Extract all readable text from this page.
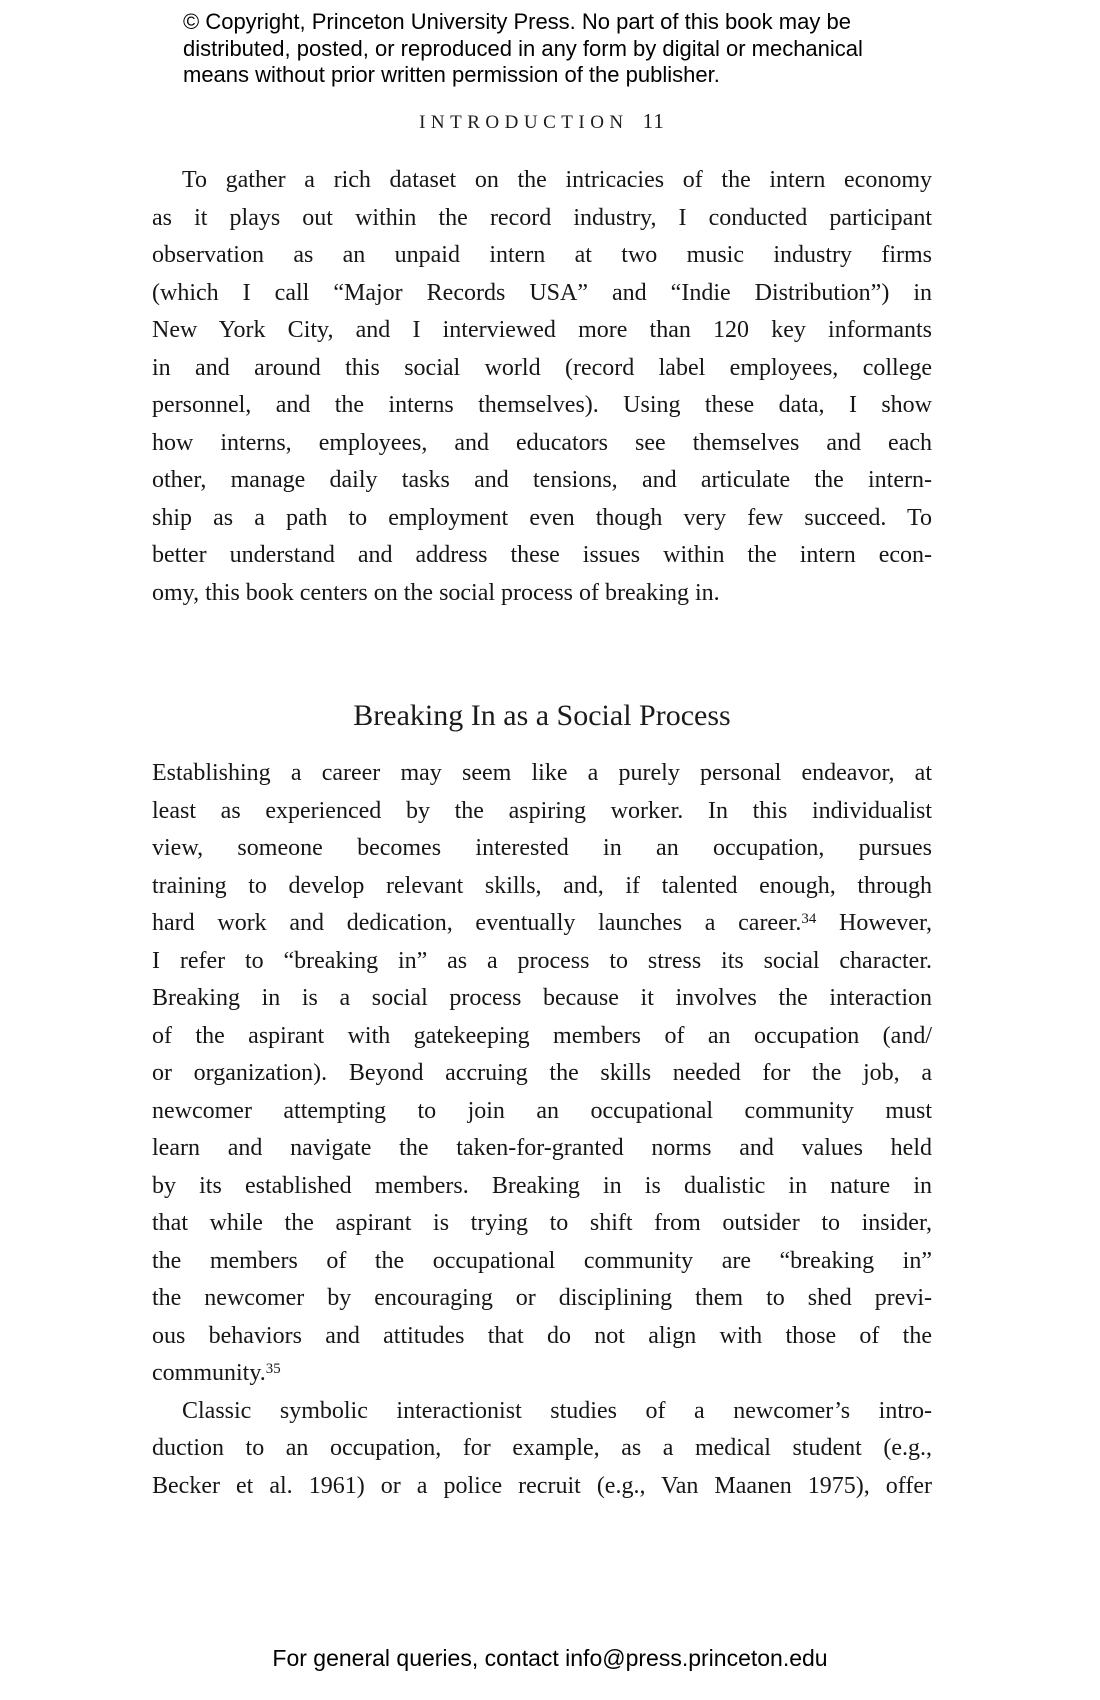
© Copyright, Princeton University Press. No part of this book may be
distributed, posted, or reproduced in any form by digital or mechanical
means without prior written permission of the publisher.
INTRODUCTION 11
To gather a rich dataset on the intricacies of the intern economy
as it plays out within the record industry, I conducted participant
observation as an unpaid intern at two music industry firms
(which I call “Major Records USA” and “Indie Distribution”) in
New York City, and I interviewed more than 120 key informants
in and around this social world (record label employees, college
personnel, and the interns themselves). Using these data, I show
how interns, employees, and educators see themselves and each
other, manage daily tasks and tensions, and articulate the intern-
ship as a path to employment even though very few succeed. To
better understand and address these issues within the intern econ-
omy, this book centers on the social process of breaking in.
Breaking In as a Social Process
Establishing a career may seem like a purely personal endeavor, at
least as experienced by the aspiring worker. In this individualist
view, someone becomes interested in an occupation, pursues
training to develop relevant skills, and, if talented enough, through
hard work and dedication, eventually launches a career.$^{34}$ However,
I refer to “breaking in” as a process to stress its social character.
Breaking in is a social process because it involves the interaction
of the aspirant with gatekeeping members of an occupation (and/
or organization). Beyond accruing the skills needed for the job, a
newcomer attempting to join an occupational community must
learn and navigate the taken-for-granted norms and values held
by its established members. Breaking in is dualistic in nature in
that while the aspirant is trying to shift from outsider to insider,
the members of the occupational community are “breaking in”
the newcomer by encouraging or disciplining them to shed previ-
ous behaviors and attitudes that do not align with those of the
community.$^{35}$
Classic symbolic interactionist studies of a newcomer’s intro-
duction to an occupation, for example, as a medical student (e.g.,
Becker et al. 1961) or a police recruit (e.g., Van Maanen 1975), offer
For general queries, contact info@press.princeton.edu
